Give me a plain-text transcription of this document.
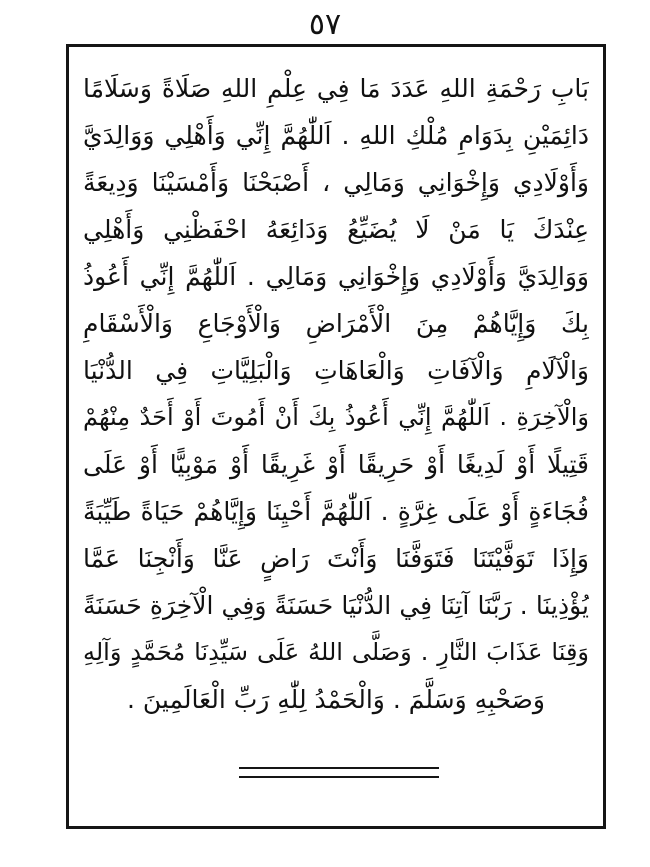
٥٧
بَابِ رَحْمَةِ اللهِ عَدَدَ مَا فِي عِلْمِ اللهِ صَلَاةً وَسَلَامًا
دَائِمَيْنِ بِدَوَامِ مُلْكِ اللهِ . اَللّٰهُمَّ إِنِّي وَأَهْلِي وَوَالِدَيَّ
وَأَوْلَادِي وَإِخْوَانِي وَمَالِي ، أَصْبَحْنَا وَأَمْسَيْنَا وَدِيعَةً
عِنْدَكَ يَا مَنْ لَا يُضَيِّعُ وَدَائِعَهُ احْفَظْنِي وَأَهْلِي
وَوَالِدَيَّ وَأَوْلَادِي وَإِخْوَانِي وَمَالِي . اَللّٰهُمَّ إِنِّي أَعُوذُ
بِكَ وَإِيَّاهُمْ مِنَ الْأَمْرَاضِ وَالْأَوْجَاعِ وَالْأَسْقَامِ
وَالْآلَامِ وَالْآفَاتِ وَالْعَاهَاتِ وَالْبَلِيَّاتِ فِي الدُّنْيَا
وَالْآخِرَةِ . اَللّٰهُمَّ إِنِّي أَعُوذُ بِكَ أَنْ أَمُوتَ أَوْ أَحَدٌ مِنْهُمْ
قَتِيلًا أَوْ لَدِيغًا أَوْ حَرِيقًا أَوْ غَرِيقًا أَوْ مَوْبِيًّا أَوْ عَلَى
فُجَاءَةٍ أَوْ عَلَى غِرَّةٍ . اَللّٰهُمَّ أَحْيِنَا وَإِيَّاهُمْ حَيَاةً طَيِّبَةً
وَإِذَا تَوَفَّيْتَنَا فَتَوَفَّنَا وَأَنْتَ رَاضٍ عَنَّا وَأَنْجِنَا عَمَّا
يُؤْذِينَا . رَبَّنَا آتِنَا فِي الدُّنْيَا حَسَنَةً وَفِي الْآخِرَةِ حَسَنَةً
وَقِنَا عَذَابَ النَّارِ . وَصَلَّى اللهُ عَلَى سَيِّدِنَا مُحَمَّدٍ وَآلِهِ
وَصَحْبِهِ وَسَلَّمَ . وَالْحَمْدُ لِلّٰهِ رَبِّ الْعَالَمِينَ .
